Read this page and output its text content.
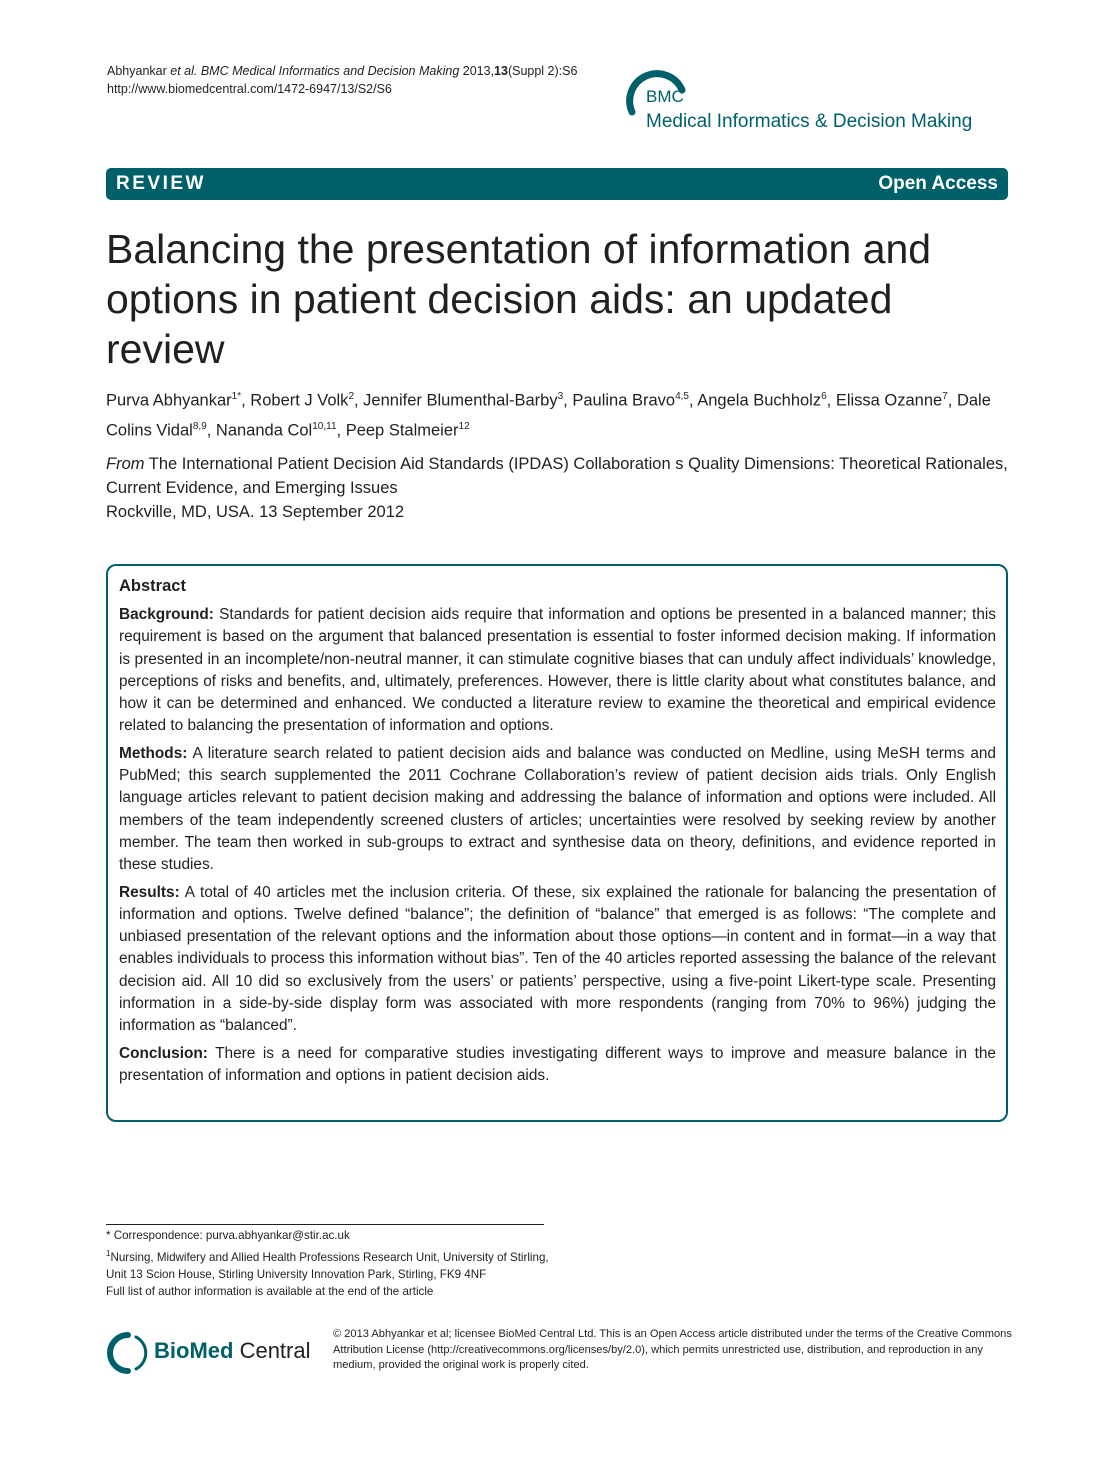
Abhyankar et al. BMC Medical Informatics and Decision Making 2013,13(Suppl 2):S6
http://www.biomedcentral.com/1472-6947/13/S2/S6	BMC
Medical Informatics & Decision Making
REVIEW	Open Access
Balancing the presentation of information and options in patient decision aids: an updated review
Purva Abhyankar$^{1*}$, Robert J Volk$^2$, Jennifer Blumenthal-Barby$^3$, Paulina Bravo$^{4,5}$, Angela Buchholz$^6$, Elissa Ozanne$^7$, Dale Colins Vidal$^{8,9}$, Nananda Col$^{10,11}$, Peep Stalmeier$^{12}$
From The International Patient Decision Aid Standards (IPDAS) Collaboration s Quality Dimensions: Theoretical Rationales, Current Evidence, and Emerging Issues
Rockville, MD, USA. 13 September 2012
Abstract

Background: Standards for patient decision aids require that information and options be presented in a balanced manner; this requirement is based on the argument that balanced presentation is essential to foster informed decision making. If information is presented in an incomplete/non-neutral manner, it can stimulate cognitive biases that can unduly affect individuals’ knowledge, perceptions of risks and benefits, and, ultimately, preferences. However, there is little clarity about what constitutes balance, and how it can be determined and enhanced. We conducted a literature review to examine the theoretical and empirical evidence related to balancing the presentation of information and options.

Methods: A literature search related to patient decision aids and balance was conducted on Medline, using MeSH terms and PubMed; this search supplemented the 2011 Cochrane Collaboration’s review of patient decision aids trials. Only English language articles relevant to patient decision making and addressing the balance of information and options were included. All members of the team independently screened clusters of articles; uncertainties were resolved by seeking review by another member. The team then worked in sub-groups to extract and synthesise data on theory, definitions, and evidence reported in these studies.

Results: A total of 40 articles met the inclusion criteria. Of these, six explained the rationale for balancing the presentation of information and options. Twelve defined “balance”; the definition of “balance” that emerged is as follows: “The complete and unbiased presentation of the relevant options and the information about those options—in content and in format—in a way that enables individuals to process this information without bias”. Ten of the 40 articles reported assessing the balance of the relevant decision aid. All 10 did so exclusively from the users’ or patients’ perspective, using a five-point Likert-type scale. Presenting information in a side-by-side display form was associated with more respondents (ranging from 70% to 96%) judging the information as “balanced”.

Conclusion: There is a need for comparative studies investigating different ways to improve and measure balance in the presentation of information and options in patient decision aids.

* Correspondence: purva.abhyankar@stir.ac.uk
$^1$Nursing, Midwifery and Allied Health Professions Research Unit, University of Stirling, Unit 13 Scion House, Stirling University Innovation Park, Stirling, FK9 4NF
Full list of author information is available at the end of the article
BioMed Central
© 2013 Abhyankar et al; licensee BioMed Central Ltd. This is an Open Access article distributed under the terms of the Creative Commons Attribution License (http://creativecommons.org/licenses/by/2.0), which permits unrestricted use, distribution, and reproduction in any medium, provided the original work is properly cited.
